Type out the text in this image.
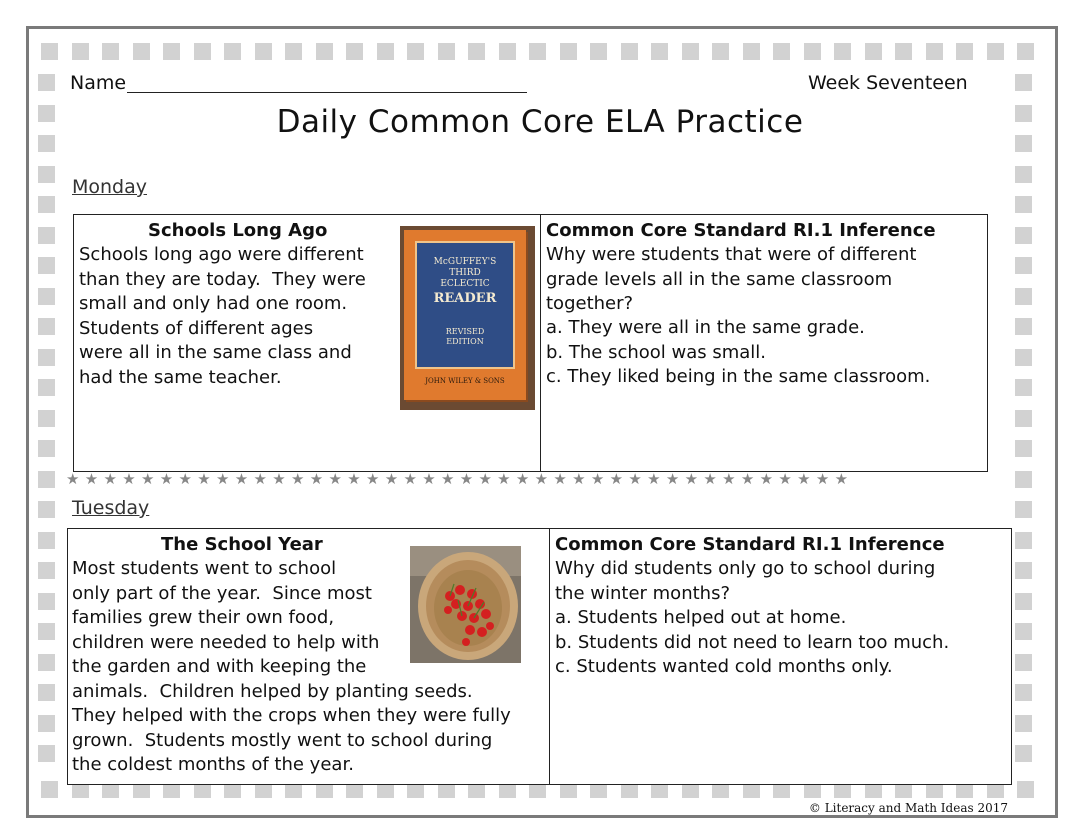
Name	Week Seventeen
Daily Common Core ELA Practice
Monday
Schools Long Ago
Schools long ago were different
than they are today.  They were
small and only had one room.
Students of different ages
were all in the same class and
had the same teacher.
McGUFFEY'S
THIRD
ECLECTIC
READER
REVISED
EDITION
JOHN WILEY & SONS
Common Core Standard RI.1 Inference
Why were students that were of different
grade levels all in the same classroom
together?
a. They were all in the same grade.
b. The school was small.
c. They liked being in the same classroom.
★★★★★★★★★★★★★★★★★★★★★★★★★★★★★★★★★★★★★★★★★★
Tuesday
The School Year
Most students went to school
only part of the year.  Since most
families grew their own food,
children were needed to help with
the garden and with keeping the
animals.  Children helped by planting seeds.
They helped with the crops when they were fully
grown.  Students mostly went to school during
the coldest months of the year.
Common Core Standard RI.1 Inference
Why did students only go to school during
the winter months?
a. Students helped out at home.
b. Students did not need to learn too much.
c. Students wanted cold months only.
© Literacy and Math Ideas 2017
